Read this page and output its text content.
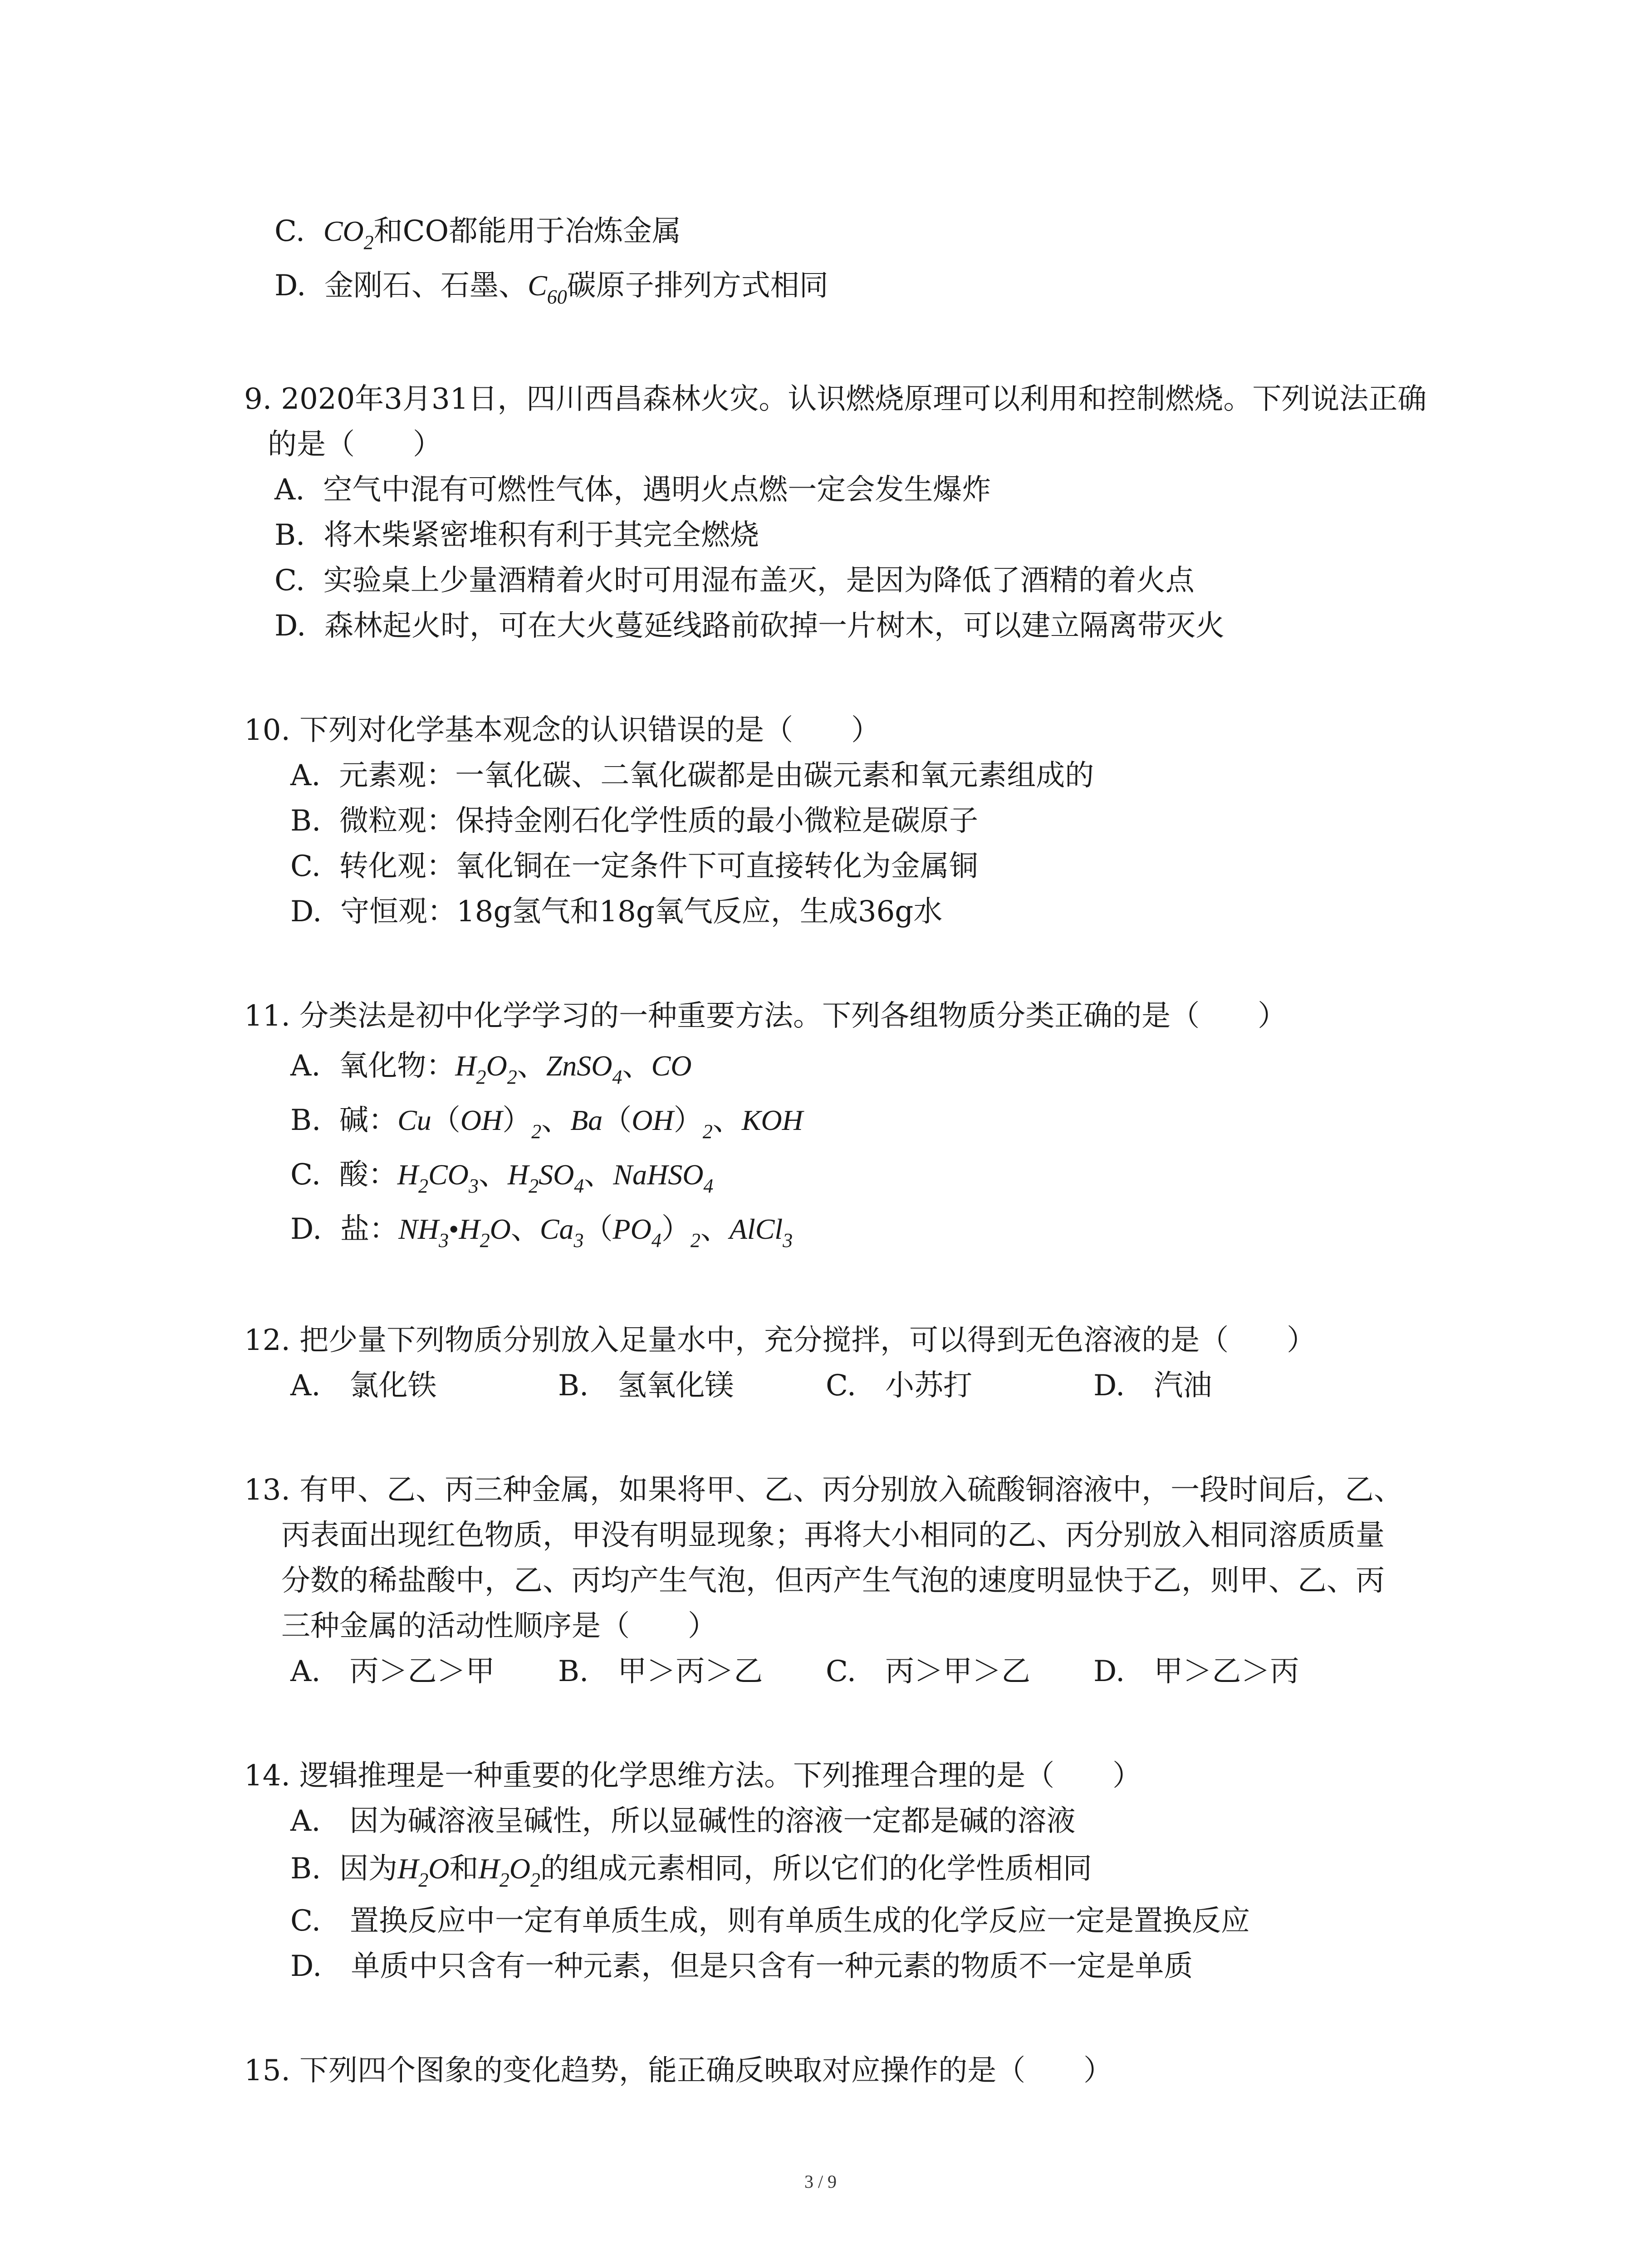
C. $CO_2$和CO都能用于冶炼金属
D. 金刚石、石墨、$C_{60}$碳原子排列方式相同
9. 2020年3月31日，四川西昌森林火灾。认识燃烧原理可以利用和控制燃烧。下列说法正确
的是（　　）
A. 空气中混有可燃性气体，遇明火点燃一定会发生爆炸
B. 将木柴紧密堆积有利于其完全燃烧
C. 实验桌上少量酒精着火时可用湿布盖灭，是因为降低了酒精的着火点
D. 森林起火时，可在大火蔓延线路前砍掉一片树木，可以建立隔离带灭火
10. 下列对化学基本观念的认识错误的是（　　）
A. 元素观：一氧化碳、二氧化碳都是由碳元素和氧元素组成的
B. 微粒观：保持金刚石化学性质的最小微粒是碳原子
C. 转化观：氧化铜在一定条件下可直接转化为金属铜
D. 守恒观：18g氢气和18g氧气反应，生成36g水
11. 分类法是初中化学学习的一种重要方法。下列各组物质分类正确的是（　　）
A. 氧化物：$H_2O_2$、ZnSO$_4$、CO
B. 碱：$Cu(OH)_2$、$Ba(OH)_2$、KOH
C. 酸：$H_2CO_3$、$H_2SO_4$、NaHSO$_4$
D. 盐：$NH_3•H_2O$、$Ca_3(PO_4)_2$、AlCl$_3$
12. 把少量下列物质分别放入足量水中，充分搅拌，可以得到无色溶液的是（　　）
A.　氯化铁	B.　氢氧化镁	C.　小苏打	D.　汽油
13. 有甲、乙、丙三种金属，如果将甲、乙、丙分别放入硫酸铜溶液中，一段时间后，乙、
丙表面出现红色物质，甲没有明显现象；再将大小相同的乙、丙分别放入相同溶质质量
分数的稀盐酸中，乙、丙均产生气泡，但丙产生气泡的速度明显快于乙，则甲、乙、丙
三种金属的活动性顺序是（　　）
A.　丙＞乙＞甲 B.　甲＞丙＞乙 C.　丙＞甲＞乙 D.　甲＞乙＞丙
14. 逻辑推理是一种重要的化学思维方法。下列推理合理的是（　　）
A.　因为碱溶液呈碱性，所以显碱性的溶液一定都是碱的溶液
B. 因为$H_2O$和$H_2O_2$的组成元素相同，所以它们的化学性质相同
C.　置换反应中一定有单质生成，则有单质生成的化学反应一定是置换反应
D.　单质中只含有一种元素，但是只含有一种元素的物质不一定是单质
15. 下列四个图象的变化趋势，能正确反映取对应操作的是（　　）
3 / 9
